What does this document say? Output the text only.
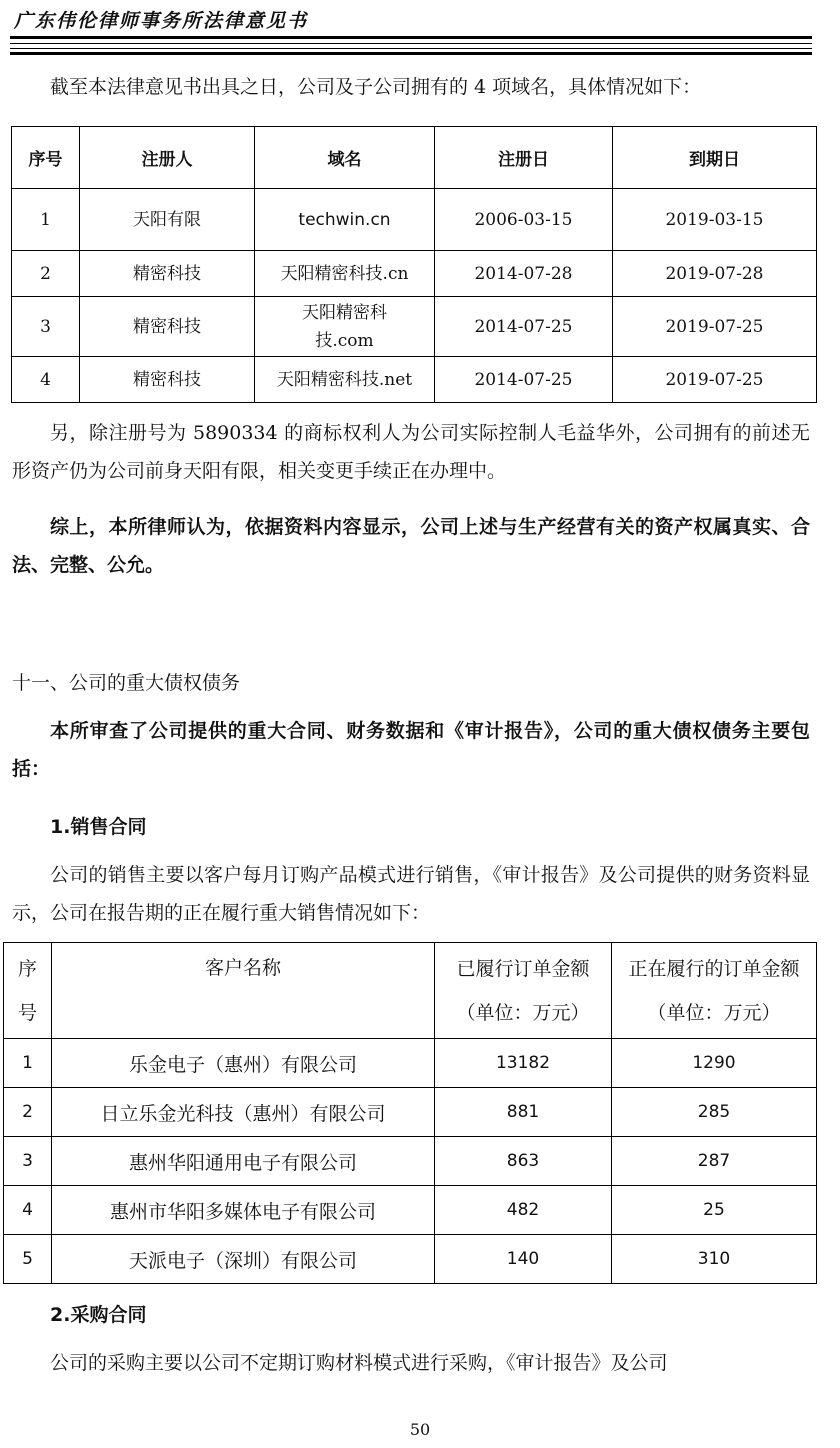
广东伟伦律师事务所法律意见书
截至本法律意见书出具之日，公司及子公司拥有的 4 项域名，具体情况如下：
序号	注册人	域名	注册日	到期日
1	天阳有限	techwin.cn	2006-03-15	2019-03-15
2	精密科技	天阳精密科技.cn	2014-07-28	2019-07-28
3	精密科技	天阳精密科技.com	2014-07-25	2019-07-25
4	精密科技	天阳精密科技.net	2014-07-25	2019-07-25
另，除注册号为 5890334 的商标权利人为公司实际控制人毛益华外，公司拥有的前述无形资产仍为公司前身天阳有限，相关变更手续正在办理中。
综上，本所律师认为，依据资料内容显示，公司上述与生产经营有关的资产权属真实、合法、完整、公允。
十一、公司的重大债权债务
本所审查了公司提供的重大合同、财务数据和《审计报告》，公司的重大债权债务主要包括：
1.销售合同
公司的销售主要以客户每月订购产品模式进行销售，《审计报告》及公司提供的财务资料显示，公司在报告期的正在履行重大销售情况如下：
序号	客户名称	已履行订单金额（单位：万元）	正在履行的订单金额（单位：万元）
1	乐金电子（惠州）有限公司	13182	1290
2	日立乐金光科技（惠州）有限公司	881	285
3	惠州华阳通用电子有限公司	863	287
4	惠州市华阳多媒体电子有限公司	482	25
5	天派电子（深圳）有限公司	140	310
2.采购合同
公司的采购主要以公司不定期订购材料模式进行采购，《审计报告》及公司
50
